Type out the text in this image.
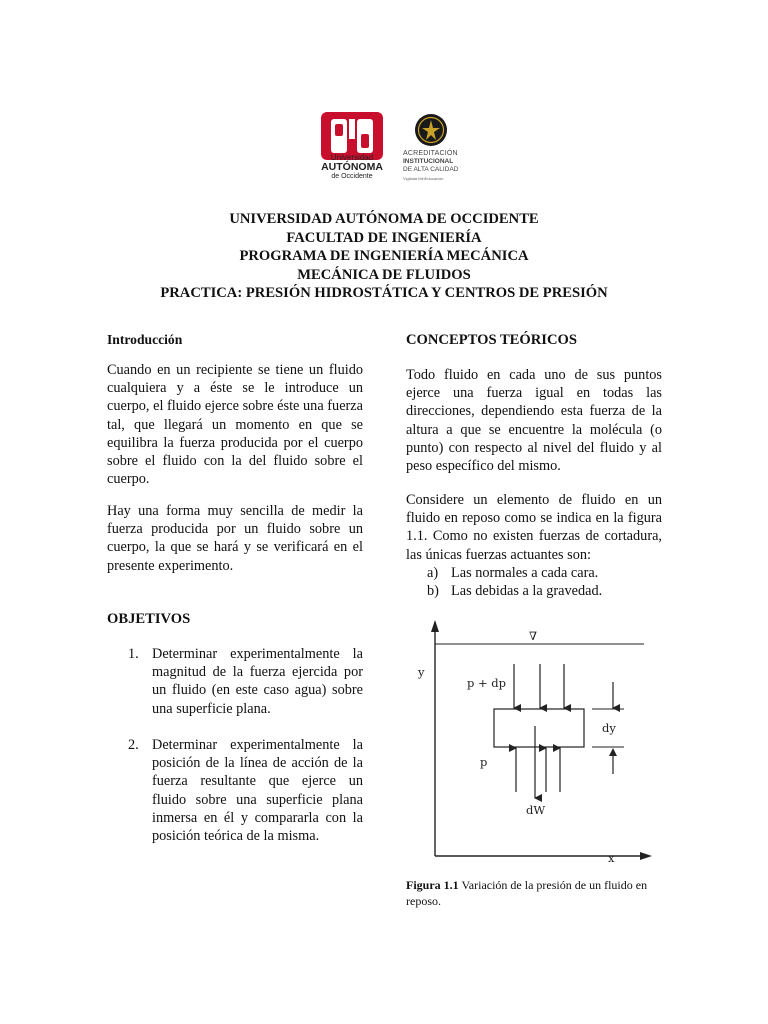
Universidad
AUTÓNOMA
de Occidente
ACREDITACIÓN
INSTITUCIONAL
DE ALTA CALIDAD
Vigilada MinEducación
UNIVERSIDAD AUTÓNOMA DE OCCIDENTE
FACULTAD DE INGENIERÍA
PROGRAMA DE INGENIERÍA MECÁNICA
MECÁNICA DE FLUIDOS
PRACTICA: PRESIÓN HIDROSTÁTICA Y CENTROS DE PRESIÓN
Introducción

Cuando en un recipiente se tiene un fluido cualquiera y a éste se le introduce un cuerpo, el fluido ejerce sobre éste una fuerza tal, que llegará un momento en que se equilibra la fuerza producida por el cuerpo sobre el fluido con la del fluido sobre el cuerpo.

Hay una forma muy sencilla de medir la fuerza producida por un fluido sobre un cuerpo, la que se hará y se verificará en el presente experimento.

OBJETIVOS
1. Determinar experimentalmente la magnitud de la fuerza ejercida por un fluido (en este caso agua) sobre una superficie plana.
2. Determinar experimentalmente la posición de la línea de acción de la fuerza resultante que ejerce un fluido sobre una superficie plana inmersa en él y compararla con la posición teórica de la misma.
CONCEPTOS TEÓRICOS

Todo fluido en cada uno de sus puntos ejerce una fuerza igual en todas las direcciones, dependiendo esta fuerza de la altura a que se encuentre la molécula (o punto) con respecto al nivel del fluido y al peso específico del mismo.

Considere un elemento de fluido en un fluido en reposo como se indica en la figura 1.1. Como no existen fuerzas de cortadura, las únicas fuerzas actuantes son:

a) Las normales a cada cara.
b) Las debidas a la gravedad.
y
x
∇
p + dp
p
dW
dy
Figura 1.1 Variación de la presión de un fluido en reposo.
